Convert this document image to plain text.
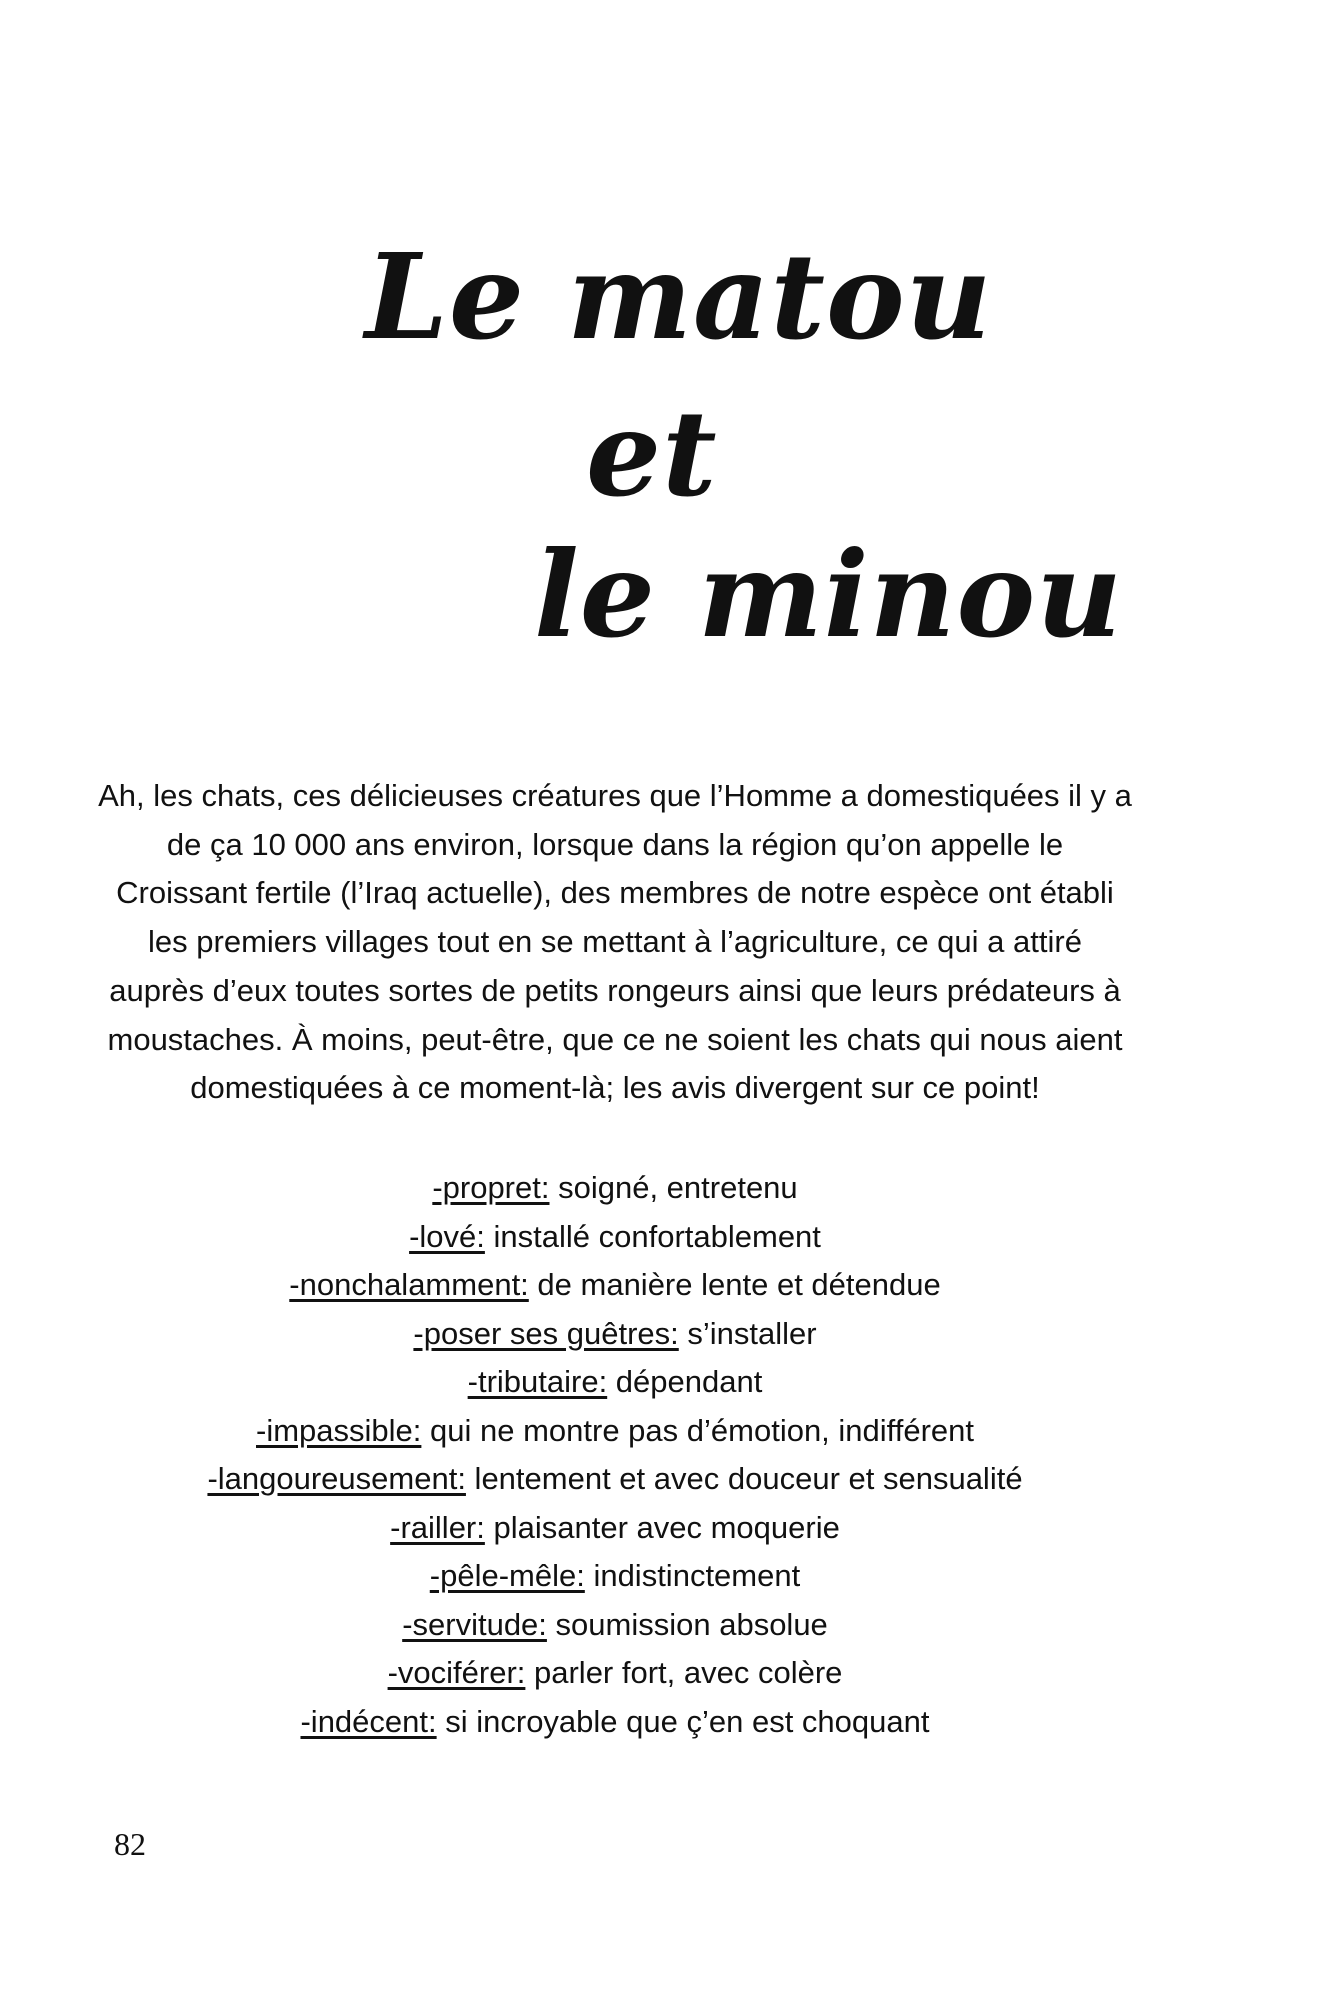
Le matou
et
le minou

Ah, les chats, ces délicieuses créatures que l’Homme a domestiquées il y a
de ça 10 000 ans environ, lorsque dans la région qu’on appelle le
Croissant fertile (l’Iraq actuelle), des membres de notre espèce ont établi
les premiers villages tout en se mettant à l’agriculture, ce qui a attiré
auprès d’eux toutes sortes de petits rongeurs ainsi que leurs prédateurs à
moustaches. À moins, peut-être, que ce ne soient les chats qui nous aient
domestiquées à ce moment-là; les avis divergent sur ce point!

-propret: soigné, entretenu
-lové: installé confortablement
-nonchalamment: de manière lente et détendue
-poser ses guêtres: s’installer
-tributaire: dépendant
-impassible: qui ne montre pas d’émotion, indifférent
-langoureusement: lentement et avec douceur et sensualité
-railler: plaisanter avec moquerie
-pêle-mêle: indistinctement
-servitude: soumission absolue
-vociférer: parler fort, avec colère
-indécent: si incroyable que ç’en est choquant
82
